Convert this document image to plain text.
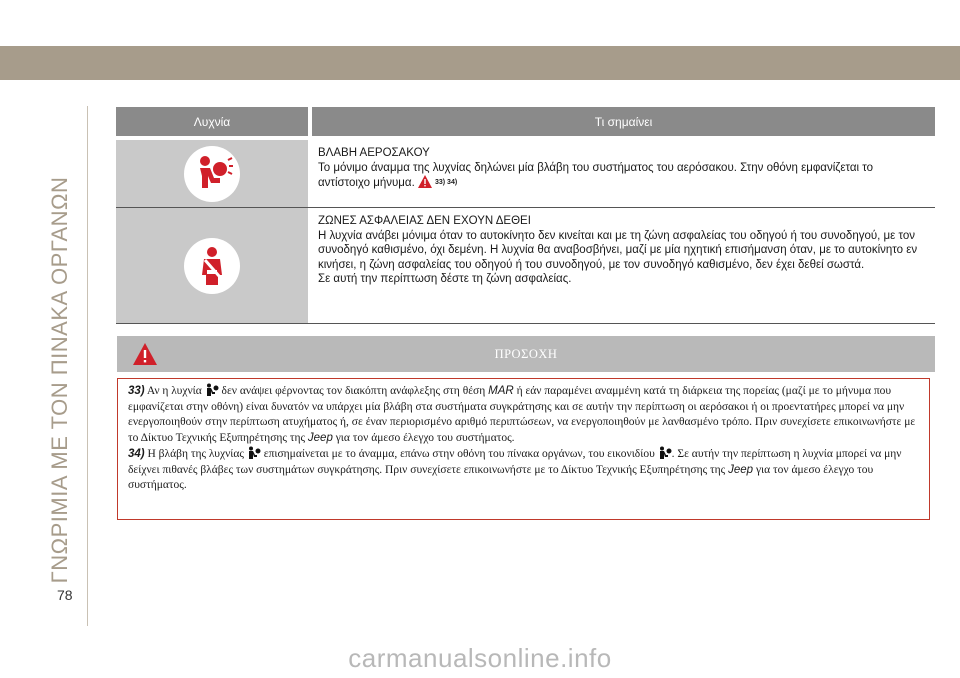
ΓΝΩΡΙΜΙΑ ΜΕ ΤΟΝ ΠΙΝΑΚΑ ΟΡΓΑΝΩΝ
Λυχνία	Τι σημαίνει
ΒΛΑΒΗ ΑΕΡΟΣΑΚΟΥ
Το μόνιμο άναμμα της λυχνίας δηλώνει μία βλάβη του συστήματος του αερόσακου. Στην οθόνη εμφανίζεται το αντίστοιχο μήνυμα.	33) 34)
ΖΩΝΕΣ ΑΣΦΑΛΕΙΑΣ ΔΕΝ ΕΧΟΥΝ ΔΕΘΕΙ
Η λυχνία ανάβει μόνιμα όταν το αυτοκίνητο δεν κινείται και με τη ζώνη ασφαλείας του οδηγού ή του συνοδηγού, με τον συνοδηγό καθισμένο, όχι δεμένη. Η λυχνία θα αναβοσβήνει, μαζί με μία ηχητική επισήμανση όταν, με το αυτοκίνητο εν κινήσει, η ζώνη ασφαλείας του οδηγού ή του συνοδηγού, με τον συνοδηγό καθισμένο, δεν έχει δεθεί σωστά.
Σε αυτή την περίπτωση δέστε τη ζώνη ασφαλείας.
ΠΡΟΣΟΧΗ

33) Αν η λυχνία δεν ανάψει φέρνοντας τον διακόπτη ανάφλεξης στη θέση MAR ή εάν παραμένει αναμμένη κατά τη διάρκεια της πορείας (μαζί με το μήνυμα που εμφανίζεται στην οθόνη) είναι δυνατόν να υπάρχει μία βλάβη στα συστήματα συγκράτησης και σε αυτήν την περίπτωση οι αερόσακοι ή οι προεντατήρες μπορεί να μην ενεργοποιηθούν στην περίπτωση ατυχήματος ή, σε έναν περιορισμένο αριθμό περιπτώσεων, να ενεργοποιηθούν με λανθασμένο τρόπο. Πριν συνεχίσετε επικοινωνήστε με το Δίκτυο Τεχνικής Εξυπηρέτησης της Jeep για τον άμεσο έλεγχο του συστήματος.

34) Η βλάβη της λυχνίας επισημαίνεται με το άναμμα, επάνω στην οθόνη του πίνακα οργάνων, του εικονιδίου . Σε αυτήν την περίπτωση η λυχνία μπορεί να μην δείχνει πιθανές βλάβες των συστημάτων συγκράτησης. Πριν συνεχίσετε επικοινωνήστε με το Δίκτυο Τεχνικής Εξυπηρέτησης της Jeep για τον άμεσο έλεγχο του συστήματος.

78
carmanualsonline.info
